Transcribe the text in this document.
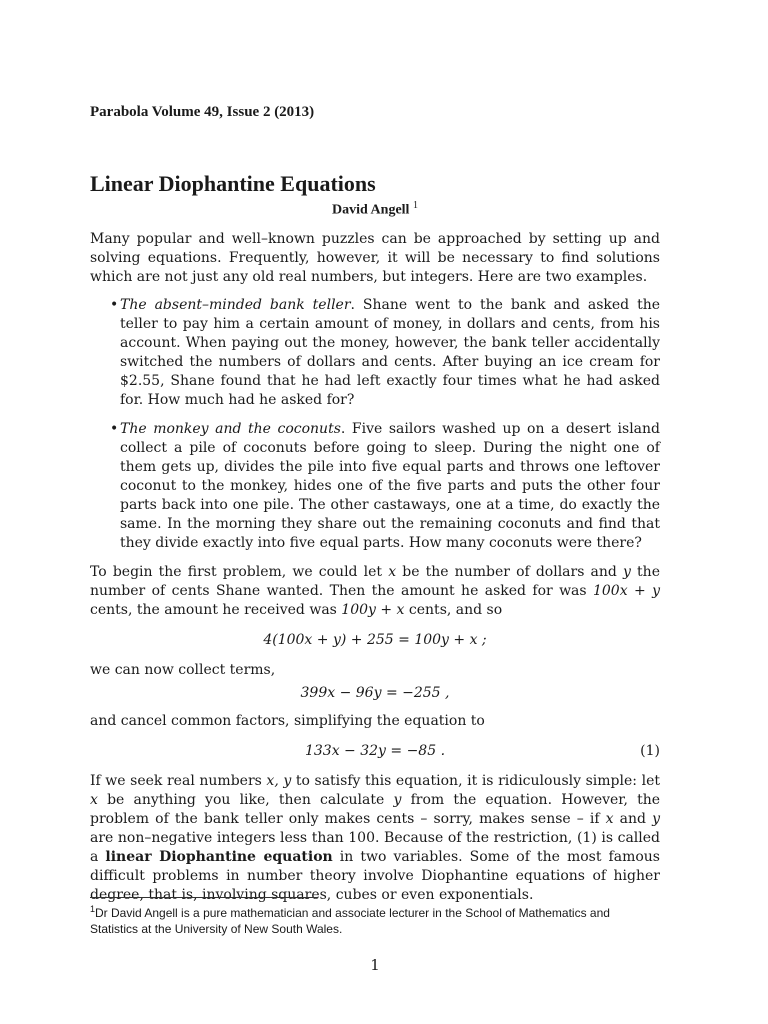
Parabola Volume 49, Issue 2 (2013)
Linear Diophantine Equations
David Angell $^1$

Many popular and well–known puzzles can be approached by setting up and solving equations. Frequently, however, it will be necessary to find solutions which are not just any old real numbers, but integers. Here are two examples.

• The absent–minded bank teller. Shane went to the bank and asked the teller to pay him a certain amount of money, in dollars and cents, from his account. When paying out the money, however, the bank teller accidentally switched the numbers of dollars and cents. After buying an ice cream for $2.55, Shane found that he had left exactly four times what he had asked for. How much had he asked for?
• The monkey and the coconuts. Five sailors washed up on a desert island collect a pile of coconuts before going to sleep. During the night one of them gets up, divides the pile into five equal parts and throws one leftover coconut to the monkey, hides one of the five parts and puts the other four parts back into one pile. The other castaways, one at a time, do exactly the same. In the morning they share out the remaining coconuts and find that they divide exactly into five equal parts. How many coconuts were there?

To begin the first problem, we could let x be the number of dollars and y the number of cents Shane wanted. Then the amount he asked for was 100x + y cents, the amount he received was 100y + x cents, and so

4(100x + y) + 255 = 100y + x ;

we can now collect terms,

399x − 96y = −255 ,

and cancel common factors, simplifying the equation to

133x − 32y = −85 .	(1)

If we seek real numbers x, y to satisfy this equation, it is ridiculously simple: let x be anything you like, then calculate y from the equation. However, the problem of the bank teller only makes cents – sorry, makes sense – if x and y are non–negative integers less than 100. Because of the restriction, (1) is called a linear Diophantine equation in two variables. Some of the most famous difficult problems in number theory involve Diophantine equations of higher degree, that is, involving squares, cubes or even exponentials.

$^1$Dr David Angell is a pure mathematician and associate lecturer in the School of Mathematics and Statistics at the University of New South Wales.
1
